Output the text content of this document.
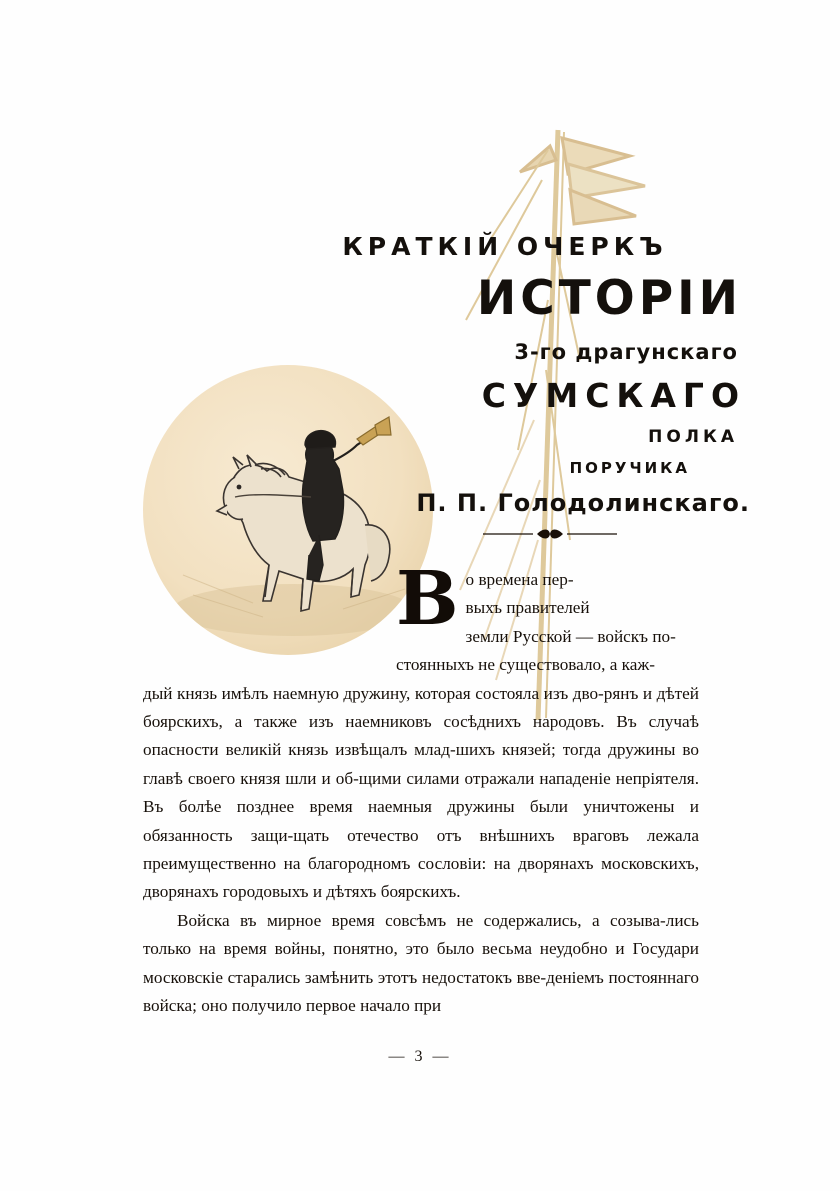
КРАТКІЙ ОЧЕРКЪ
ИСТОРІИ
3-го драгунскаго
СУМСКАГО
ПОЛКА
ПОРУЧИКА
П. П. Голодолинскаго.
В о времена пер-
выхъ правителей
земли Русской — войскъ по-
стоянныхъ не существовало, а каж-

дый князь имѣлъ наемную дружину, которая состояла изъ дво-рянъ и дѣтей боярскихъ, а также изъ наемниковъ сосѣднихъ народовъ. Въ случаѣ опасности великій князь извѣщалъ млад-шихъ князей; тогда дружины во главѣ своего князя шли и об-щими силами отражали нападеніе непріятеля. Въ болѣе позднее время наемныя дружины были уничтожены и обязанность защи-щать отечество отъ внѣшнихъ враговъ лежала преимущественно на благородномъ сословіи: на дворянахъ московскихъ, дворянахъ городовыхъ и дѣтяхъ боярскихъ.

Войска въ мирное время совсѣмъ не содержались, а созыва-лись только на время войны, понятно, это было весьма неудобно и Государи московскіе старались замѣнить этотъ недостатокъ вве-деніемъ постояннаго войска; оно получило первое начало при

— 3 —
